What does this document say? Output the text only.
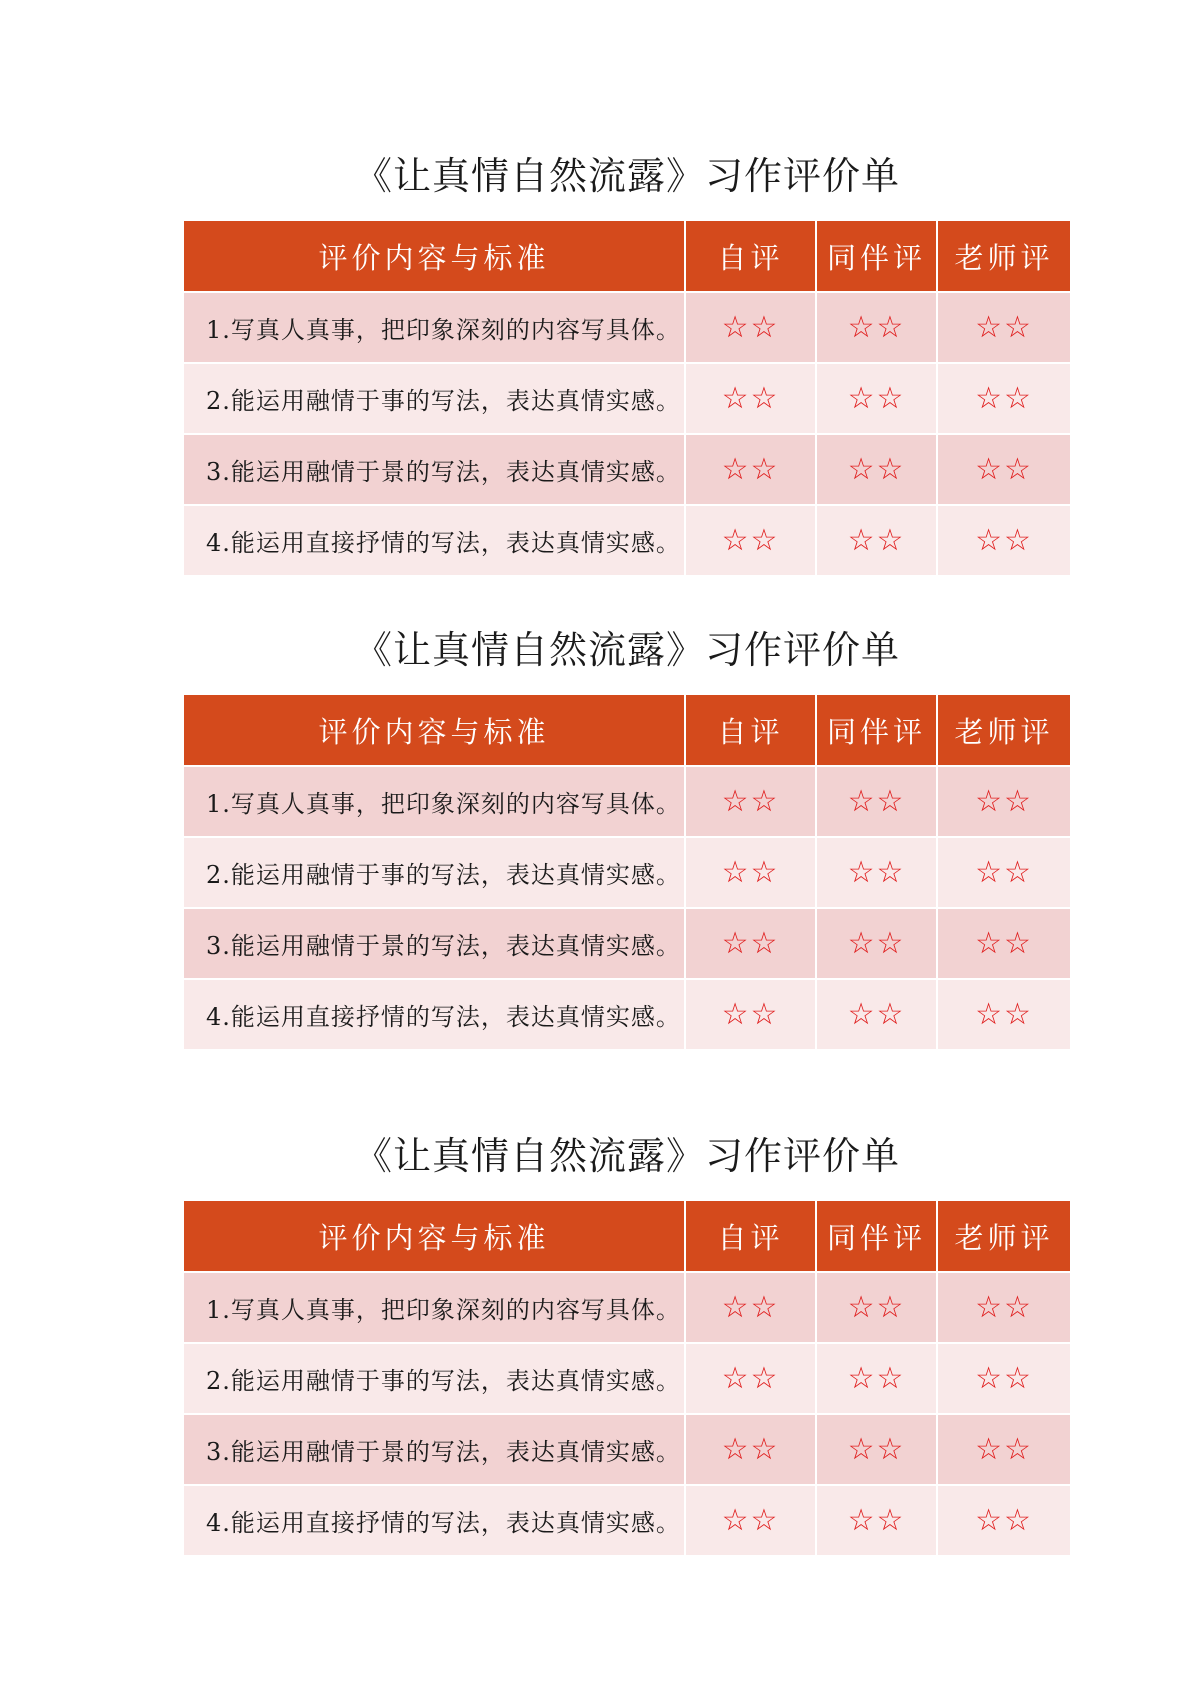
《让真情自然流露》习作评价单
评价内容与标准	自评	同伴评	老师评
1.写真人真事，把印象深刻的内容写具体。	☆☆	☆☆	☆☆
2.能运用融情于事的写法，表达真情实感。	☆☆	☆☆	☆☆
3.能运用融情于景的写法，表达真情实感。	☆☆	☆☆	☆☆
4.能运用直接抒情的写法，表达真情实感。	☆☆	☆☆	☆☆
《让真情自然流露》习作评价单
评价内容与标准	自评	同伴评	老师评
1.写真人真事，把印象深刻的内容写具体。	☆☆	☆☆	☆☆
2.能运用融情于事的写法，表达真情实感。	☆☆	☆☆	☆☆
3.能运用融情于景的写法，表达真情实感。	☆☆	☆☆	☆☆
4.能运用直接抒情的写法，表达真情实感。	☆☆	☆☆	☆☆
《让真情自然流露》习作评价单
评价内容与标准	自评	同伴评	老师评
1.写真人真事，把印象深刻的内容写具体。	☆☆	☆☆	☆☆
2.能运用融情于事的写法，表达真情实感。	☆☆	☆☆	☆☆
3.能运用融情于景的写法，表达真情实感。	☆☆	☆☆	☆☆
4.能运用直接抒情的写法，表达真情实感。	☆☆	☆☆	☆☆
